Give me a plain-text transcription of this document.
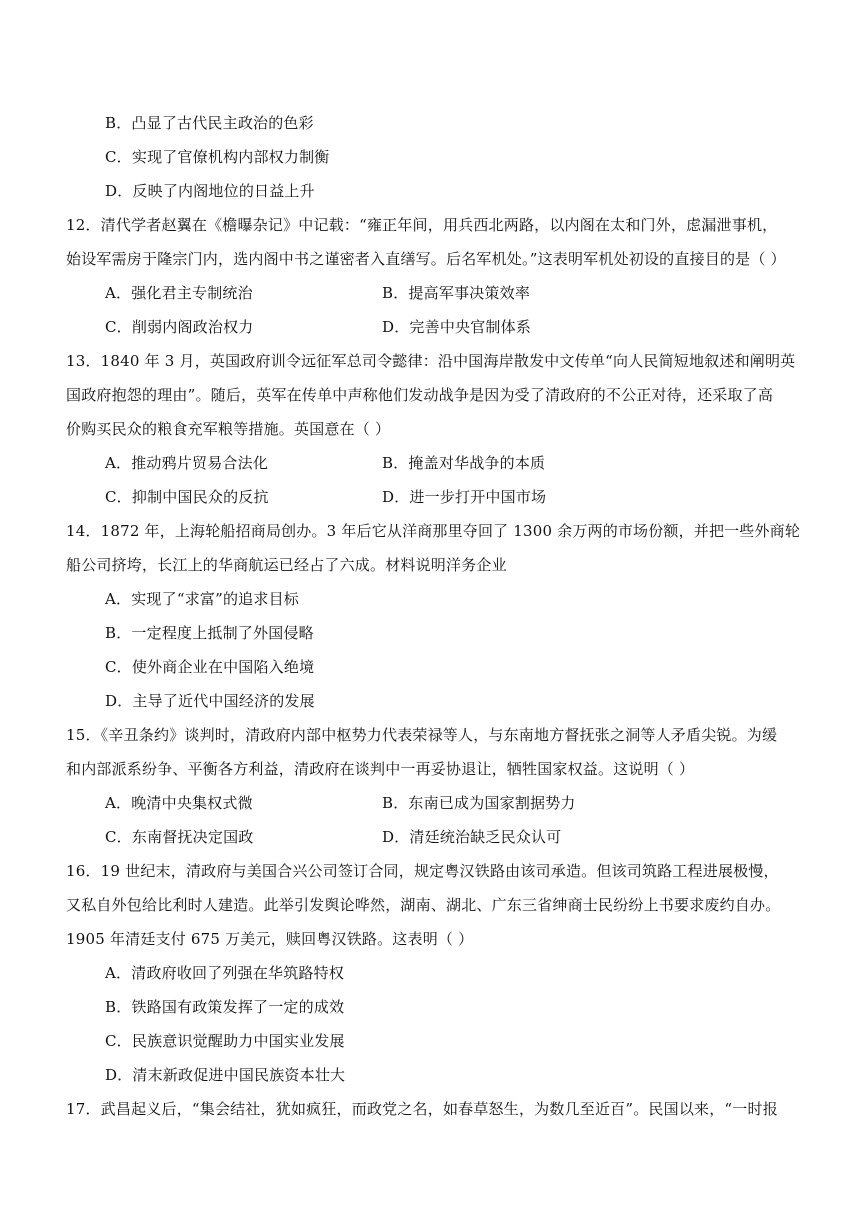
B．凸显了古代民主政治的色彩
C．实现了官僚机构内部权力制衡
D．反映了内阁地位的日益上升
12．清代学者赵翼在《檐曝杂记》中记载：“雍正年间，用兵西北两路，以内阁在太和门外，虑漏泄事机，
始设军需房于隆宗门内，选内阁中书之谨密者入直缮写。后名军机处。”这表明军机处初设的直接目的是（ ）
A．强化君主专制统治	B．提高军事决策效率
C．削弱内阁政治权力	D．完善中央官制体系
13．1840 年 3 月，英国政府训令远征军总司令懿律：沿中国海岸散发中文传单“向人民简短地叙述和阐明英
国政府抱怨的理由”。随后，英军在传单中声称他们发动战争是因为受了清政府的不公正对待，还采取了高
价购买民众的粮食充军粮等措施。英国意在（ ）
A．推动鸦片贸易合法化	B．掩盖对华战争的本质
C．抑制中国民众的反抗	D．进一步打开中国市场
14．1872 年，上海轮船招商局创办。3 年后它从洋商那里夺回了 1300 余万两的市场份额，并把一些外商轮
船公司挤垮，长江上的华商航运已经占了六成。材料说明洋务企业
A．实现了“求富”的追求目标
B．一定程度上抵制了外国侵略
C．使外商企业在中国陷入绝境
D．主导了近代中国经济的发展
15．《辛丑条约》谈判时，清政府内部中枢势力代表荣禄等人，与东南地方督抚张之洞等人矛盾尖锐。为缓
和内部派系纷争、平衡各方利益，清政府在谈判中一再妥协退让，牺牲国家权益。这说明（ ）
A．晚清中央集权式微	B．东南已成为国家割据势力
C．东南督抚决定国政	D．清廷统治缺乏民众认可
16．19 世纪末，清政府与美国合兴公司签订合同，规定粤汉铁路由该司承造。但该司筑路工程进展极慢，
又私自外包给比利时人建造。此举引发舆论哗然，湖南、湖北、广东三省绅商士民纷纷上书要求废约自办。
1905 年清廷支付 675 万美元，赎回粤汉铁路。这表明（ ）
A．清政府收回了列强在华筑路特权
B．铁路国有政策发挥了一定的成效
C．民族意识觉醒助力中国实业发展
D．清末新政促进中国民族资本壮大
17．武昌起义后，“集会结社，犹如疯狂，而政党之名，如春草怒生，为数几至近百”。民国以来，“一时报
